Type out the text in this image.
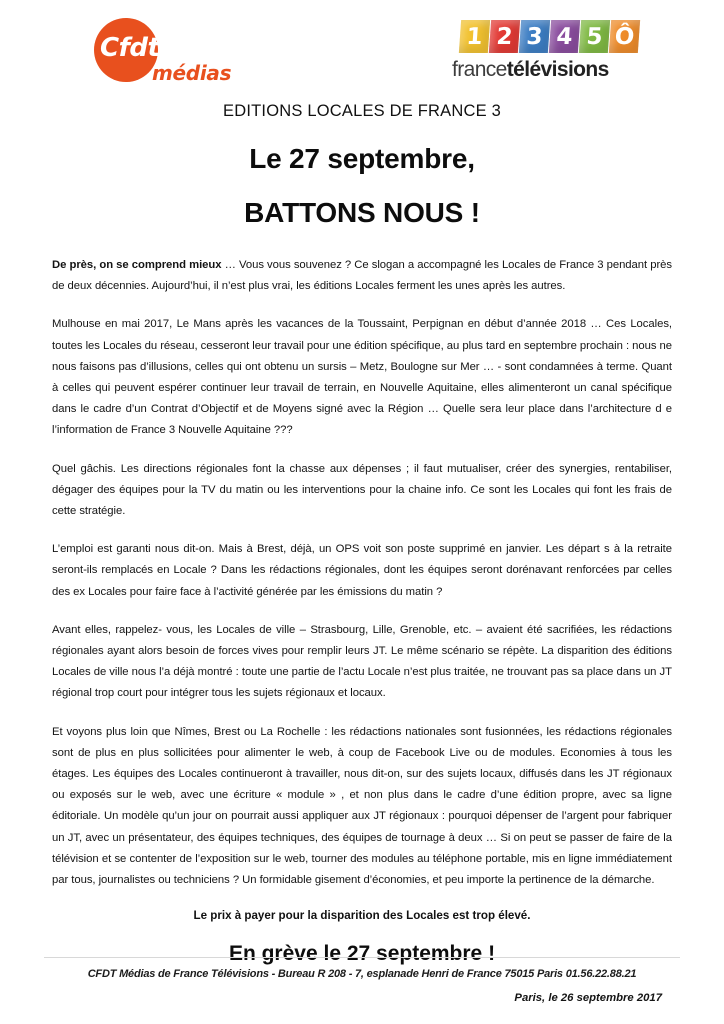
Cfdt:
médias
1 2 3 4 5 Ô
francetélévisions
EDITIONS LOCALES DE FRANCE 3
Le 27 septembre,
BATTONS NOUS !

De près, on se comprend mieux … Vous vous souvenez ? Ce slogan a accompagné les Locales de France 3 pendant près de deux décennies. Aujourd’hui, il n’est plus vrai, les éditions Locales ferment les unes après les autres.

Mulhouse en mai 2017, Le Mans après les vacances de la Toussaint, Perpignan en début d’année 2018 … Ces Locales, toutes les Locales du réseau, cesseront leur travail pour une édition spécifique, au plus tard en septembre prochain : nous ne nous faisons pas d’illusions, celles qui ont obtenu un sursis – Metz, Boulogne sur Mer … - sont condamnées à terme. Quant à celles qui peuvent espérer continuer leur travail de terrain, en Nouvelle Aquitaine, elles alimenteront un canal spécifique dans le cadre d’un Contrat d’Objectif et de Moyens signé avec la Région … Quelle sera leur place dans l’architecture d e l’information de France 3 Nouvelle Aquitaine ???

Quel gâchis. Les directions régionales font la chasse aux dépenses ; il faut mutualiser, créer des synergies, rentabiliser, dégager des équipes pour la TV du matin ou les interventions pour la chaine info. Ce sont les Locales qui font les frais de cette stratégie.

L’emploi est garanti nous dit-on. Mais à Brest, déjà, un OPS voit son poste supprimé en janvier. Les départ s à la retraite seront-ils remplacés en Locale ? Dans les rédactions régionales, dont les équipes seront dorénavant renforcées par celles des ex Locales pour faire face à l’activité générée par les émissions du matin ?

Avant elles, rappelez- vous, les Locales de ville – Strasbourg, Lille, Grenoble, etc. – avaient été sacrifiées, les rédactions régionales ayant alors besoin de forces vives pour remplir leurs JT. Le même scénario se répète. La disparition des éditions Locales de ville nous l’a déjà montré : toute une partie de l’actu Locale n’est plus traitée, ne trouvant pas sa place dans un JT régional trop court pour intégrer tous les sujets régionaux et locaux.

Et voyons plus loin que Nîmes, Brest ou La Rochelle : les rédactions nationales sont fusionnées, les rédactions régionales sont de plus en plus sollicitées pour alimenter le web, à coup de Facebook Live ou de modules. Economies à tous les étages. Les équipes des Locales continueront à travailler, nous dit-on, sur des sujets locaux, diffusés dans les JT régionaux ou exposés sur le web, avec une écriture « module » , et non plus dans le cadre d’une édition propre, avec sa ligne éditoriale. Un modèle qu’un jour on pourrait aussi appliquer aux JT régionaux : pourquoi dépenser de l’argent pour fabriquer un JT, avec un présentateur, des équipes techniques, des équipes de tournage à deux … Si on peut se passer de faire de la télévision et se contenter de l’exposition sur le web, tourner des modules au téléphone portable, mis en ligne immédiatement par tous, journalistes ou techniciens ? Un formidable gisement d’économies, et peu importe la pertinence de la démarche.

Le prix à payer pour la disparition des Locales est trop élevé.
En grève le 27 septembre !
Paris, le 26 septembre 2017
CFDT Médias de France Télévisions - Bureau R 208 - 7, esplanade Henri de France 75015 Paris 01.56.22.88.21
